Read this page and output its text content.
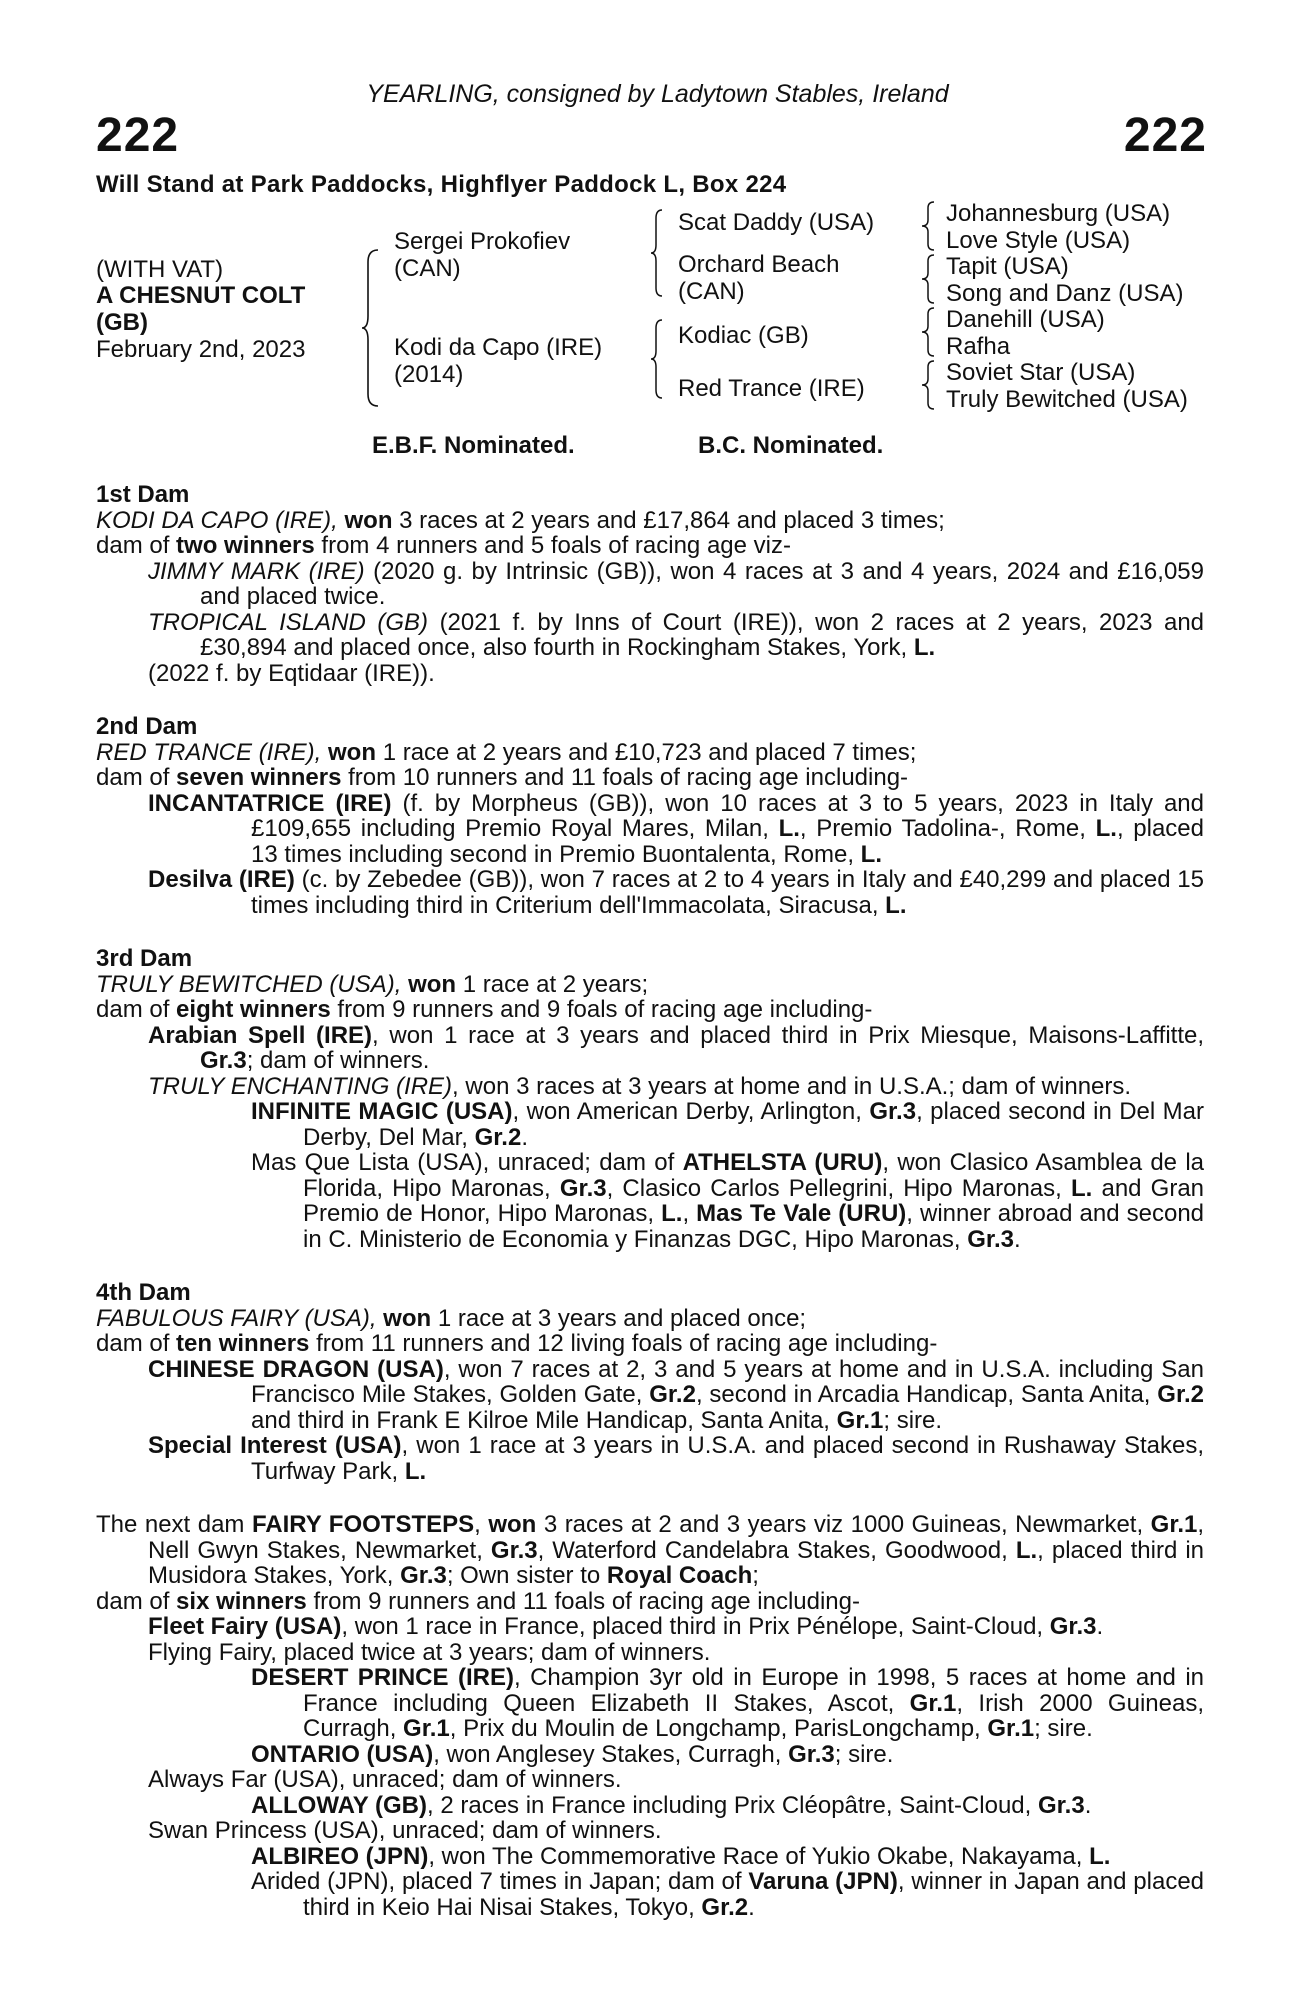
YEARLING, consigned by Ladytown Stables, Ireland
222	222
Will Stand at Park Paddocks, Highflyer Paddock L, Box 224
(WITH VAT)
A CHESNUT COLT
(GB)
February 2nd, 2023
Sergei Prokofiev
(CAN)
Kodi da Capo (IRE)
(2014)
Scat Daddy (USA)
Orchard Beach
(CAN)
Kodiac (GB)
Red Trance (IRE)
Johannesburg (USA)
Love Style (USA)
Tapit (USA)
Song and Danz (USA)
Danehill (USA)
Rafha
Soviet Star (USA)
Truly Bewitched (USA)
E.B.F. Nominated.	B.C. Nominated.
1st Dam
KODI DA CAPO (IRE), won 3 races at 2 years and £17,864 and placed 3 times;
dam of two winners from 4 runners and 5 foals of racing age viz-
JIMMY MARK (IRE) (2020 g. by Intrinsic (GB)), won 4 races at 3 and 4 years, 2024 and £16,059 and placed twice.
TROPICAL ISLAND (GB) (2021 f. by Inns of Court (IRE)), won 2 races at 2 years, 2023 and £30,894 and placed once, also fourth in Rockingham Stakes, York, L.
(2022 f. by Eqtidaar (IRE)).
2nd Dam
RED TRANCE (IRE), won 1 race at 2 years and £10,723 and placed 7 times;
dam of seven winners from 10 runners and 11 foals of racing age including-
INCANTATRICE (IRE) (f. by Morpheus (GB)), won 10 races at 3 to 5 years, 2023 in Italy and £109,655 including Premio Royal Mares, Milan, L., Premio Tadolina-, Rome, L., placed 13 times including second in Premio Buontalenta, Rome, L.
Desilva (IRE) (c. by Zebedee (GB)), won 7 races at 2 to 4 years in Italy and £40,299 and placed 15 times including third in Criterium dell'Immacolata, Siracusa, L.
3rd Dam
TRULY BEWITCHED (USA), won 1 race at 2 years;
dam of eight winners from 9 runners and 9 foals of racing age including-
Arabian Spell (IRE), won 1 race at 3 years and placed third in Prix Miesque, Maisons-Laffitte, Gr.3; dam of winners.
TRULY ENCHANTING (IRE), won 3 races at 3 years at home and in U.S.A.; dam of winners.
INFINITE MAGIC (USA), won American Derby, Arlington, Gr.3, placed second in Del Mar Derby, Del Mar, Gr.2.
Mas Que Lista (USA), unraced; dam of ATHELSTA (URU), won Clasico Asamblea de la Florida, Hipo Maronas, Gr.3, Clasico Carlos Pellegrini, Hipo Maronas, L. and Gran Premio de Honor, Hipo Maronas, L., Mas Te Vale (URU), winner abroad and second in C. Ministerio de Economia y Finanzas DGC, Hipo Maronas, Gr.3.
4th Dam
FABULOUS FAIRY (USA), won 1 race at 3 years and placed once;
dam of ten winners from 11 runners and 12 living foals of racing age including-
CHINESE DRAGON (USA), won 7 races at 2, 3 and 5 years at home and in U.S.A. including San Francisco Mile Stakes, Golden Gate, Gr.2, second in Arcadia Handicap, Santa Anita, Gr.2 and third in Frank E Kilroe Mile Handicap, Santa Anita, Gr.1; sire.
Special Interest (USA), won 1 race at 3 years in U.S.A. and placed second in Rushaway Stakes, Turfway Park, L.
The next dam FAIRY FOOTSTEPS, won 3 races at 2 and 3 years viz 1000 Guineas, Newmarket, Gr.1, Nell Gwyn Stakes, Newmarket, Gr.3, Waterford Candelabra Stakes, Goodwood, L., placed third in Musidora Stakes, York, Gr.3; Own sister to Royal Coach;
dam of six winners from 9 runners and 11 foals of racing age including-
Fleet Fairy (USA), won 1 race in France, placed third in Prix Pénélope, Saint-Cloud, Gr.3.
Flying Fairy, placed twice at 3 years; dam of winners.
DESERT PRINCE (IRE), Champion 3yr old in Europe in 1998, 5 races at home and in France including Queen Elizabeth II Stakes, Ascot, Gr.1, Irish 2000 Guineas, Curragh, Gr.1, Prix du Moulin de Longchamp, ParisLongchamp, Gr.1; sire.
ONTARIO (USA), won Anglesey Stakes, Curragh, Gr.3; sire.
Always Far (USA), unraced; dam of winners.
ALLOWAY (GB), 2 races in France including Prix Cléopâtre, Saint-Cloud, Gr.3.
Swan Princess (USA), unraced; dam of winners.
ALBIREO (JPN), won The Commemorative Race of Yukio Okabe, Nakayama, L.
Arided (JPN), placed 7 times in Japan; dam of Varuna (JPN), winner in Japan and placed third in Keio Hai Nisai Stakes, Tokyo, Gr.2.
